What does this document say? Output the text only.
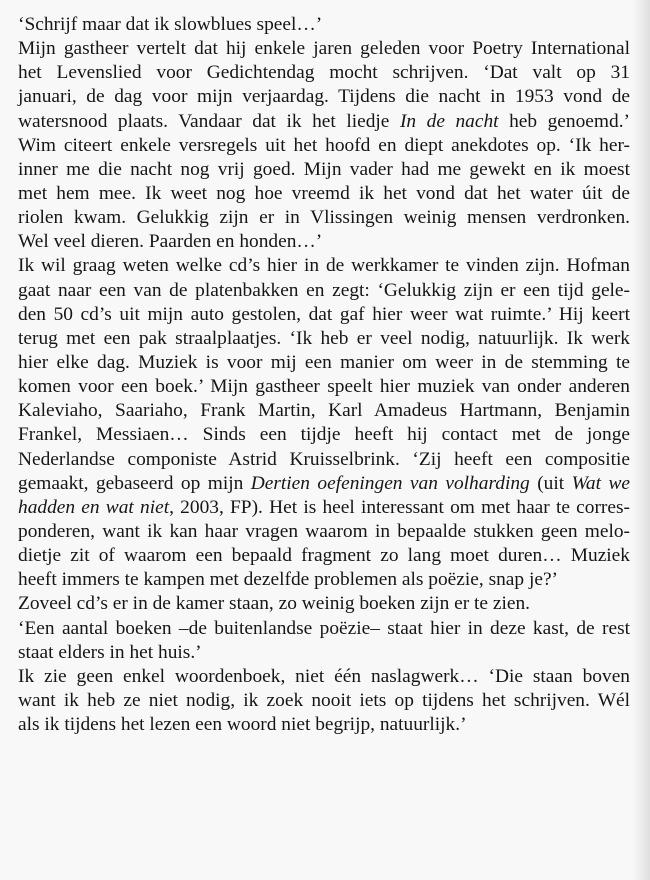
‘Schrijf maar dat ik slowblues speel…’
Mijn gastheer vertelt dat hij enkele jaren geleden voor Poetry International
het Levenslied voor Gedichtendag mocht schrijven. ‘Dat valt op 31
januari, de dag voor mijn verjaardag. Tijdens die nacht in 1953 vond de
watersnood plaats. Vandaar dat ik het liedje In de nacht heb genoemd.’
Wim citeert enkele versregels uit het hoofd en diept anekdotes op. ‘Ik her-
inner me die nacht nog vrij goed. Mijn vader had me gewekt en ik moest
met hem mee. Ik weet nog hoe vreemd ik het vond dat het water úit de
riolen kwam. Gelukkig zijn er in Vlissingen weinig mensen verdronken.
Wel veel dieren. Paarden en honden…’
Ik wil graag weten welke cd’s hier in de werkkamer te vinden zijn. Hofman
gaat naar een van de platenbakken en zegt: ‘Gelukkig zijn er een tijd gele-
den 50 cd’s uit mijn auto gestolen, dat gaf hier weer wat ruimte.’ Hij keert
terug met een pak straalplaatjes. ‘Ik heb er veel nodig, natuurlijk. Ik werk
hier elke dag. Muziek is voor mij een manier om weer in de stemming te
komen voor een boek.’ Mijn gastheer speelt hier muziek van onder anderen
Kaleviaho, Saariaho, Frank Martin, Karl Amadeus Hartmann, Benjamin
Frankel, Messiaen… Sinds een tijdje heeft hij contact met de jonge
Nederlandse componiste Astrid Kruisselbrink. ‘Zij heeft een compositie
gemaakt, gebaseerd op mijn Dertien oefeningen van volharding (uit Wat we
hadden en wat niet, 2003, FP). Het is heel interessant om met haar te corres-
ponderen, want ik kan haar vragen waarom in bepaalde stukken geen melo-
dietje zit of waarom een bepaald fragment zo lang moet duren… Muziek
heeft immers te kampen met dezelfde problemen als poëzie, snap je?’
Zoveel cd’s er in de kamer staan, zo weinig boeken zijn er te zien.
‘Een aantal boeken –de buitenlandse poëzie– staat hier in deze kast, de rest
staat elders in het huis.’
Ik zie geen enkel woordenboek, niet één naslagwerk… ‘Die staan boven
want ik heb ze niet nodig, ik zoek nooit iets op tijdens het schrijven. Wél
als ik tijdens het lezen een woord niet begrijp, natuurlijk.’
